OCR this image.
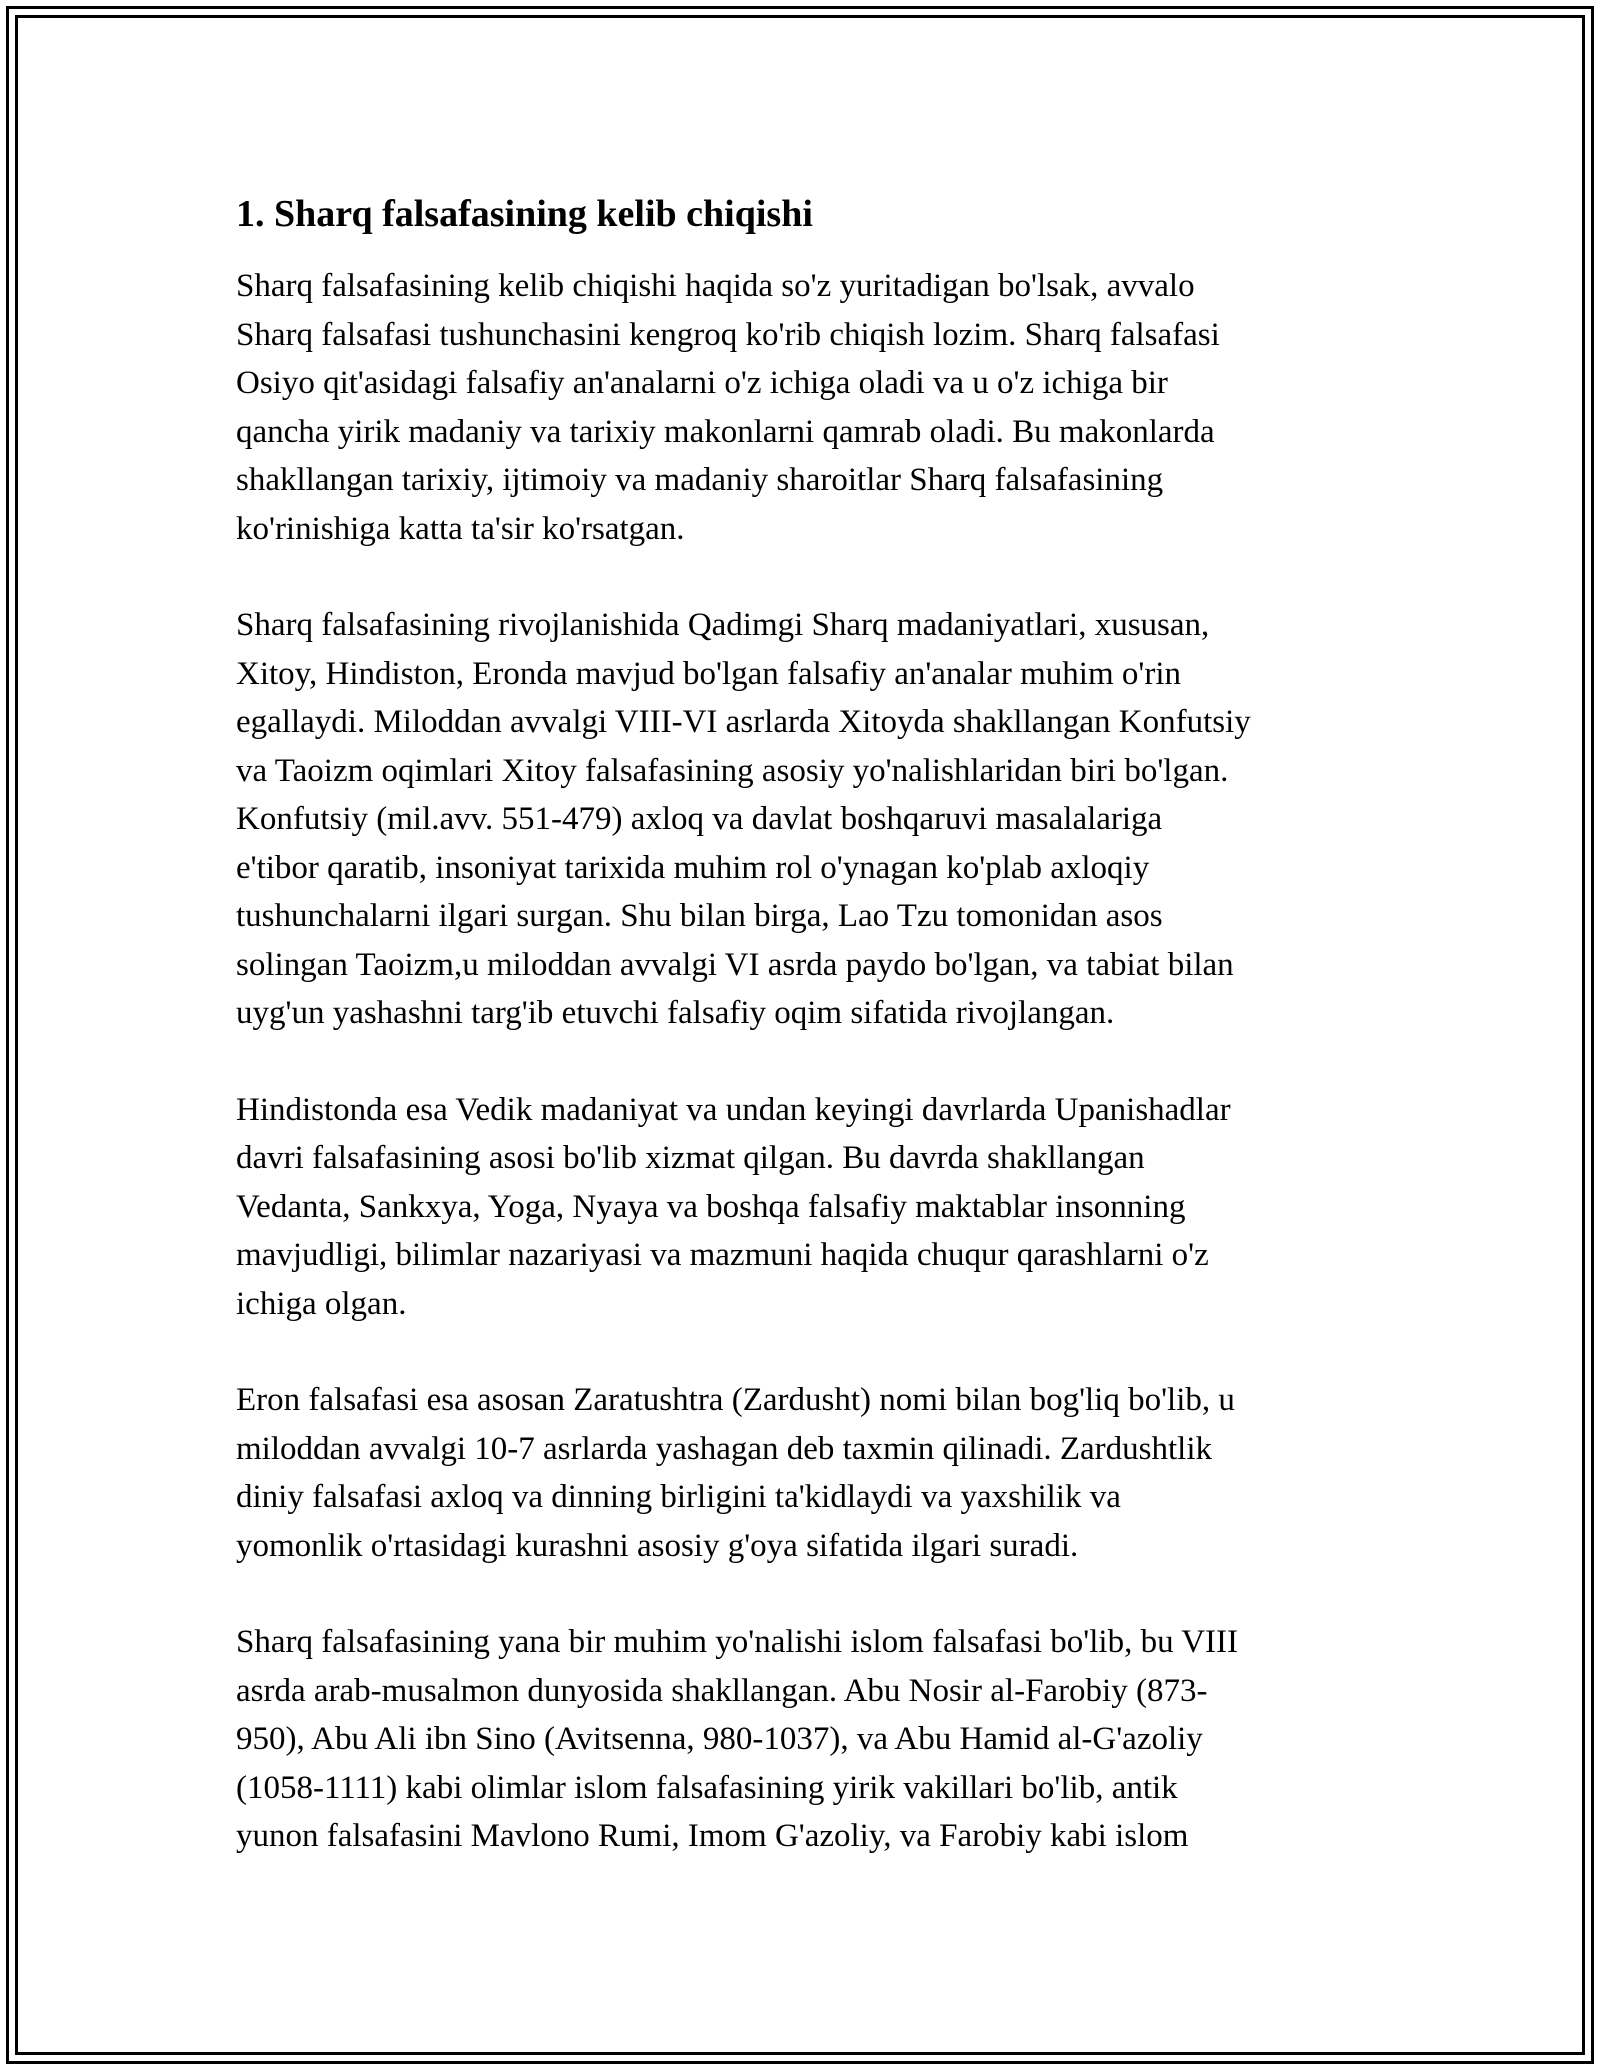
1. Sharq falsafasining kelib chiqishi

Sharq falsafasining kelib chiqishi haqida so'z yuritadigan bo'lsak, avvalo
Sharq falsafasi tushunchasini kengroq ko'rib chiqish lozim. Sharq falsafasi
Osiyo qit'asidagi falsafiy an'analarni o'z ichiga oladi va u o'z ichiga bir
qancha yirik madaniy va tarixiy makonlarni qamrab oladi. Bu makonlarda
shakllangan tarixiy, ijtimoiy va madaniy sharoitlar Sharq falsafasining
ko'rinishiga katta ta'sir ko'rsatgan.

Sharq falsafasining rivojlanishida Qadimgi Sharq madaniyatlari, xususan,
Xitoy, Hindiston, Eronda mavjud bo'lgan falsafiy an'analar muhim o'rin
egallaydi. Miloddan avvalgi VIII-VI asrlarda Xitoyda shakllangan Konfutsiy
va Taoizm oqimlari Xitoy falsafasining asosiy yo'nalishlaridan biri bo'lgan.
Konfutsiy (mil.avv. 551-479) axloq va davlat boshqaruvi masalalariga
e'tibor qaratib, insoniyat tarixida muhim rol o'ynagan ko'plab axloqiy
tushunchalarni ilgari surgan. Shu bilan birga, Lao Tzu tomonidan asos
solingan Taoizm,u miloddan avvalgi VI asrda paydo bo'lgan, va tabiat bilan
uyg'un yashashni targ'ib etuvchi falsafiy oqim sifatida rivojlangan.

Hindistonda esa Vedik madaniyat va undan keyingi davrlarda Upanishadlar
davri falsafasining asosi bo'lib xizmat qilgan. Bu davrda shakllangan
Vedanta, Sankxya, Yoga, Nyaya va boshqa falsafiy maktablar insonning
mavjudligi, bilimlar nazariyasi va mazmuni haqida chuqur qarashlarni o'z
ichiga olgan.

Eron falsafasi esa asosan Zaratushtra (Zardusht) nomi bilan bog'liq bo'lib, u
miloddan avvalgi 10-7 asrlarda yashagan deb taxmin qilinadi. Zardushtlik
diniy falsafasi axloq va dinning birligini ta'kidlaydi va yaxshilik va
yomonlik o'rtasidagi kurashni asosiy g'oya sifatida ilgari suradi.

Sharq falsafasining yana bir muhim yo'nalishi islom falsafasi bo'lib, bu VIII
asrda arab-musalmon dunyosida shakllangan. Abu Nosir al-Farobiy (873-
950), Abu Ali ibn Sino (Avitsenna, 980-1037), va Abu Hamid al-G'azoliy
(1058-1111) kabi olimlar islom falsafasining yirik vakillari bo'lib, antik
yunon falsafasini Mavlono Rumi, Imom G'azoliy, va Farobiy kabi islom
